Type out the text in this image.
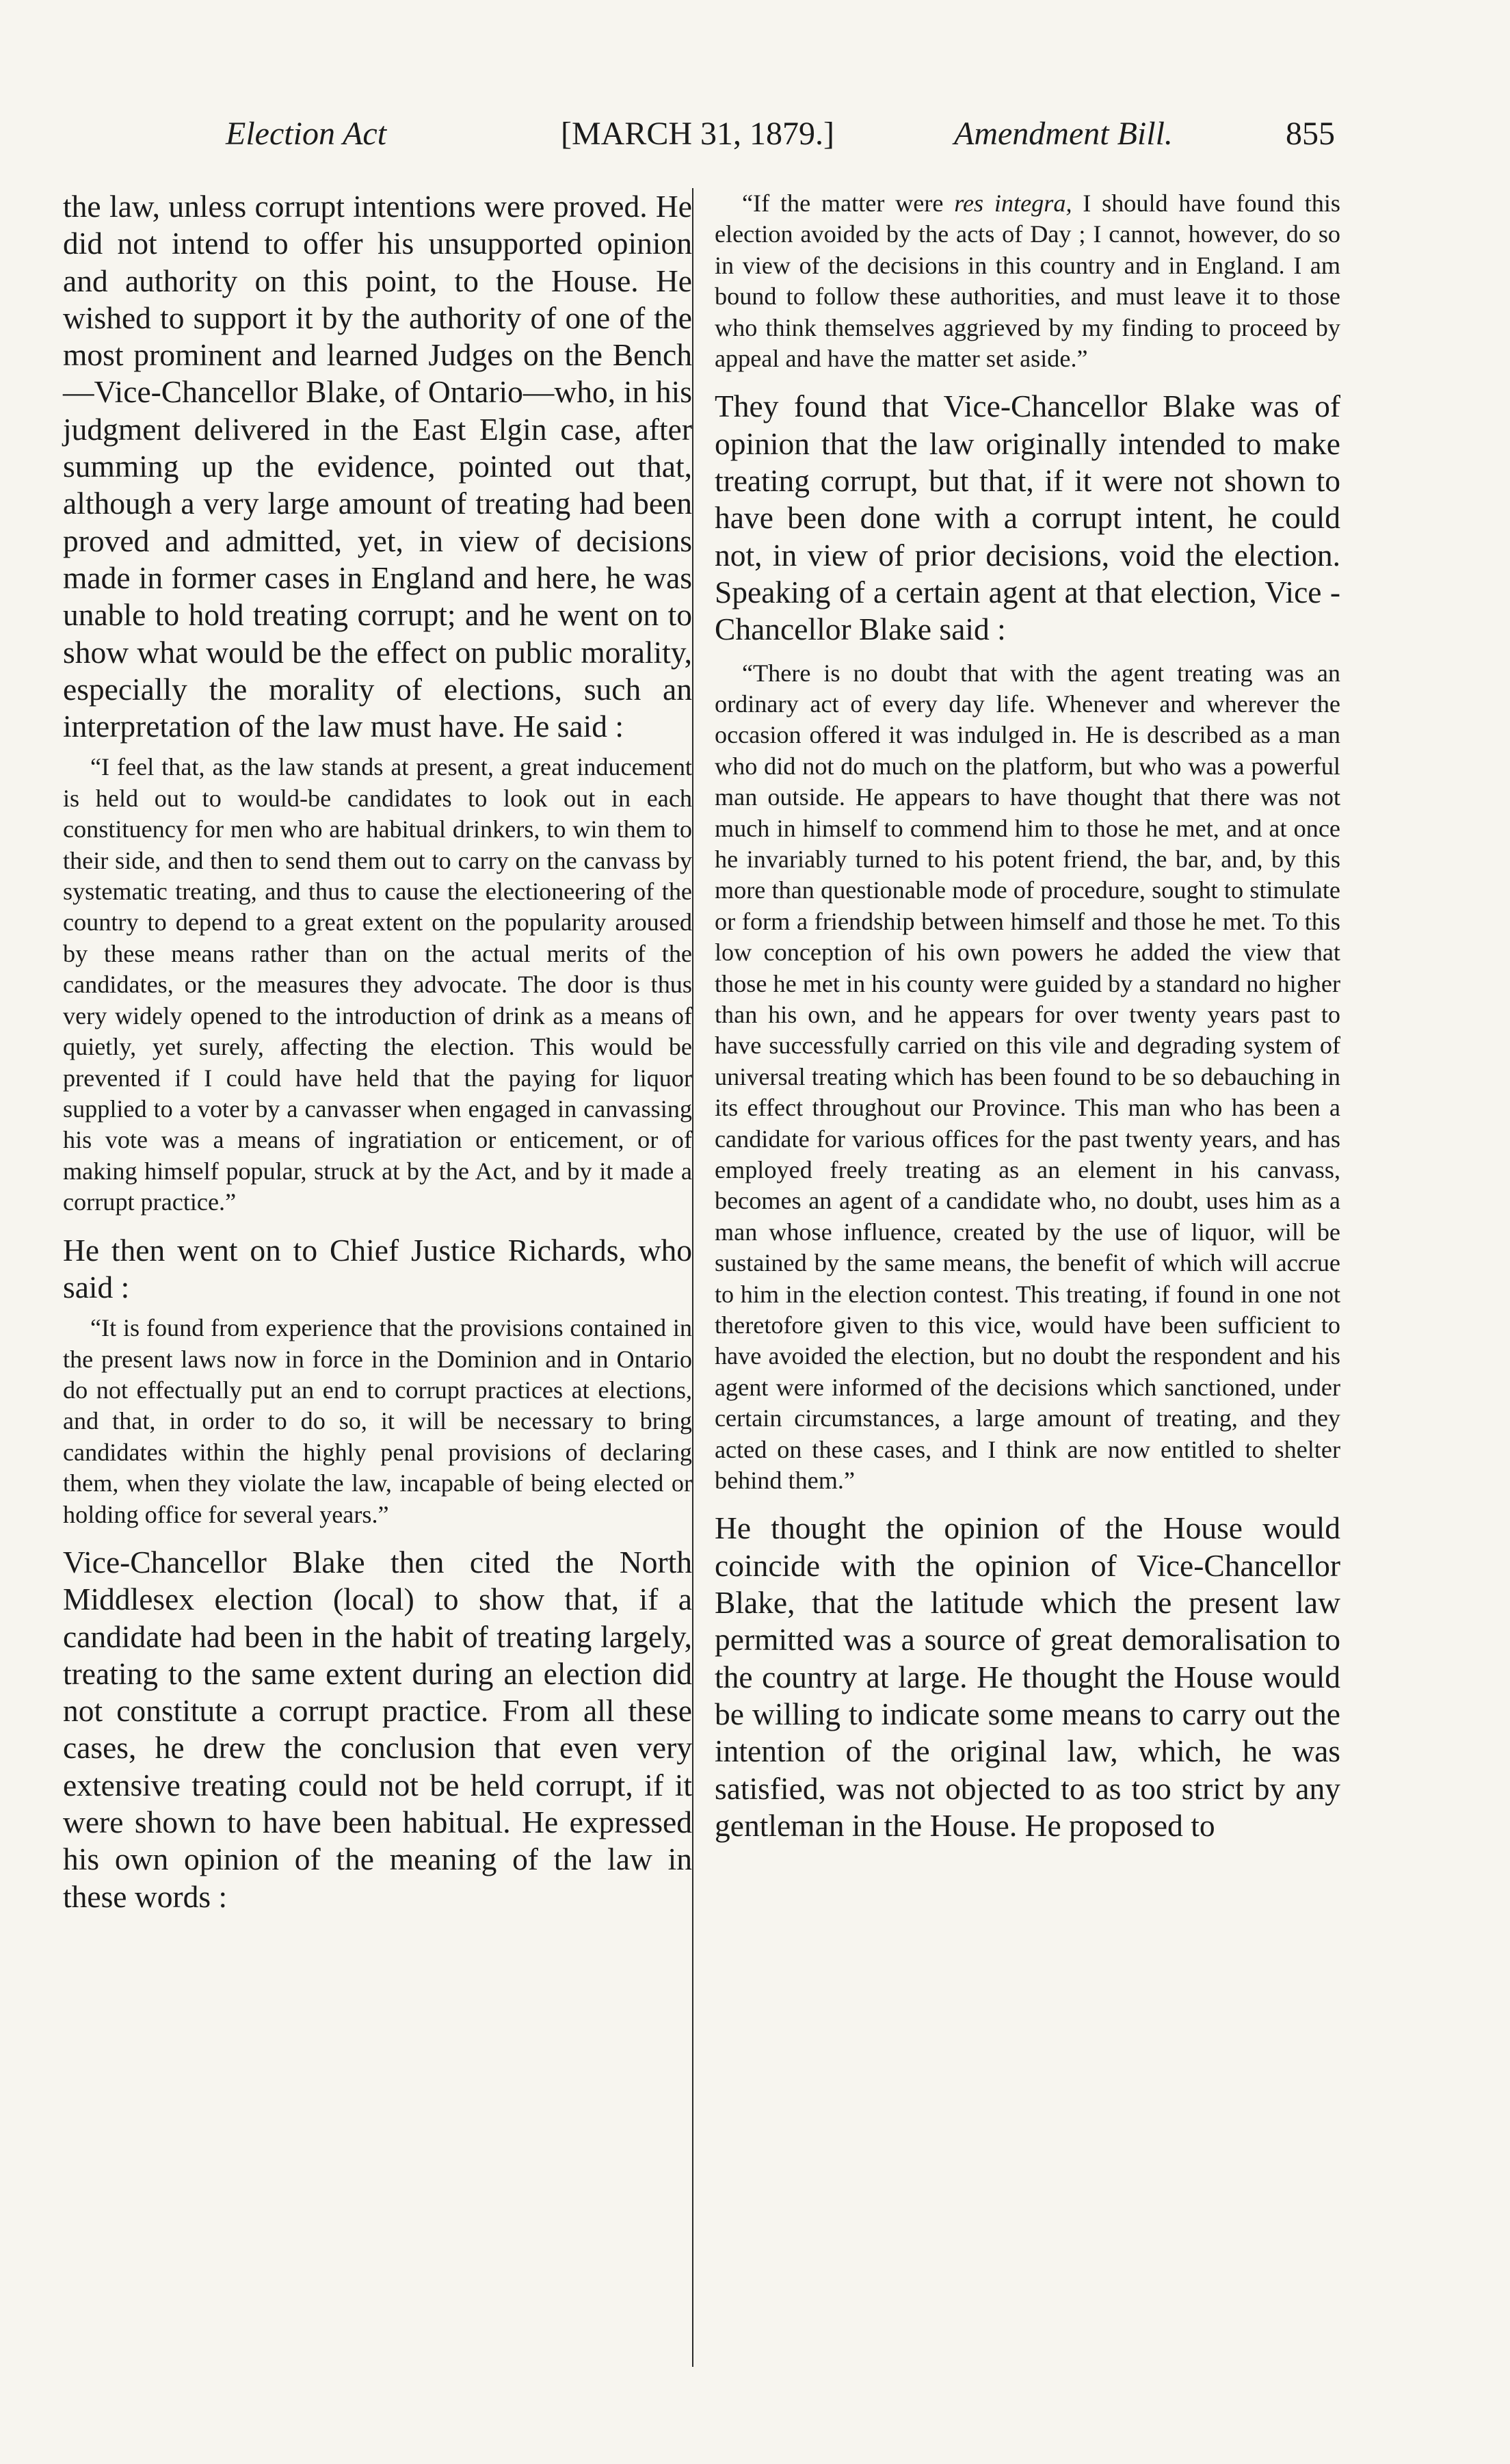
Election Act	[MARCH 31, 1879.]	Amendment Bill.	855

the law, unless corrupt intentions were proved. He did not intend to offer his unsupported opinion and authority on this point, to the House. He wished to support it by the authority of one of the most prominent and learned Judges on the Bench—Vice-Chancellor Blake, of Ontario—who, in his judgment delivered in the East Elgin case, after summing up the evidence, pointed out that, although a very large amount of treating had been proved and admitted, yet, in view of decisions made in former cases in England and here, he was unable to hold treating corrupt; and he went on to show what would be the effect on public morality, especially the morality of elections, such an interpretation of the law must have. He said :

“I feel that, as the law stands at present, a great inducement is held out to would-be candidates to look out in each constituency for men who are habitual drinkers, to win them to their side, and then to send them out to carry on the canvass by systematic treating, and thus to cause the electioneering of the country to depend to a great extent on the popularity aroused by these means rather than on the actual merits of the candidates, or the measures they advocate. The door is thus very widely opened to the introduction of drink as a means of quietly, yet surely, affecting the election. This would be prevented if I could have held that the paying for liquor supplied to a voter by a canvasser when engaged in canvassing his vote was a means of ingratiation or enticement, or of making himself popular, struck at by the Act, and by it made a corrupt practice.”

He then went on to Chief Justice Richards, who said :

“It is found from experience that the provisions contained in the present laws now in force in the Dominion and in Ontario do not effectually put an end to corrupt practices at elections, and that, in order to do so, it will be necessary to bring candidates within the highly penal provisions of declaring them, when they violate the law, incapable of being elected or holding office for several years.”

Vice-Chancellor Blake then cited the North Middlesex election (local) to show that, if a candidate had been in the habit of treating largely, treating to the same extent during an election did not constitute a corrupt practice. From all these cases, he drew the conclusion that even very extensive treating could not be held corrupt, if it were shown to have been habitual. He expressed his own opinion of the meaning of the law in these words :

“If the matter were res integra, I should have found this election avoided by the acts of Day ; I cannot, however, do so in view of the decisions in this country and in England. I am bound to follow these authorities, and must leave it to those who think themselves aggrieved by my finding to proceed by appeal and have the matter set aside.”

They found that Vice-Chancellor Blake was of opinion that the law originally intended to make treating corrupt, but that, if it were not shown to have been done with a corrupt intent, he could not, in view of prior decisions, void the election. Speaking of a certain agent at that election, Vice - Chancellor Blake said :

“There is no doubt that with the agent treating was an ordinary act of every day life. Whenever and wherever the occasion offered it was indulged in. He is described as a man who did not do much on the platform, but who was a powerful man outside. He appears to have thought that there was not much in himself to commend him to those he met, and at once he invariably turned to his potent friend, the bar, and, by this more than questionable mode of procedure, sought to stimulate or form a friendship between himself and those he met. To this low conception of his own powers he added the view that those he met in his county were guided by a standard no higher than his own, and he appears for over twenty years past to have successfully carried on this vile and degrading system of universal treating which has been found to be so debauching in its effect throughout our Province. This man who has been a candidate for various offices for the past twenty years, and has employed freely treating as an element in his canvass, becomes an agent of a candidate who, no doubt, uses him as a man whose influence, created by the use of liquor, will be sustained by the same means, the benefit of which will accrue to him in the election contest. This treating, if found in one not theretofore given to this vice, would have been sufficient to have avoided the election, but no doubt the respondent and his agent were informed of the decisions which sanctioned, under certain circumstances, a large amount of treating, and they acted on these cases, and I think are now entitled to shelter behind them.”

He thought the opinion of the House would coincide with the opinion of Vice-Chancellor Blake, that the latitude which the present law permitted was a source of great demoralisation to the country at large. He thought the House would be willing to indicate some means to carry out the intention of the original law, which, he was satisfied, was not objected to as too strict by any gentleman in the House. He proposed to
